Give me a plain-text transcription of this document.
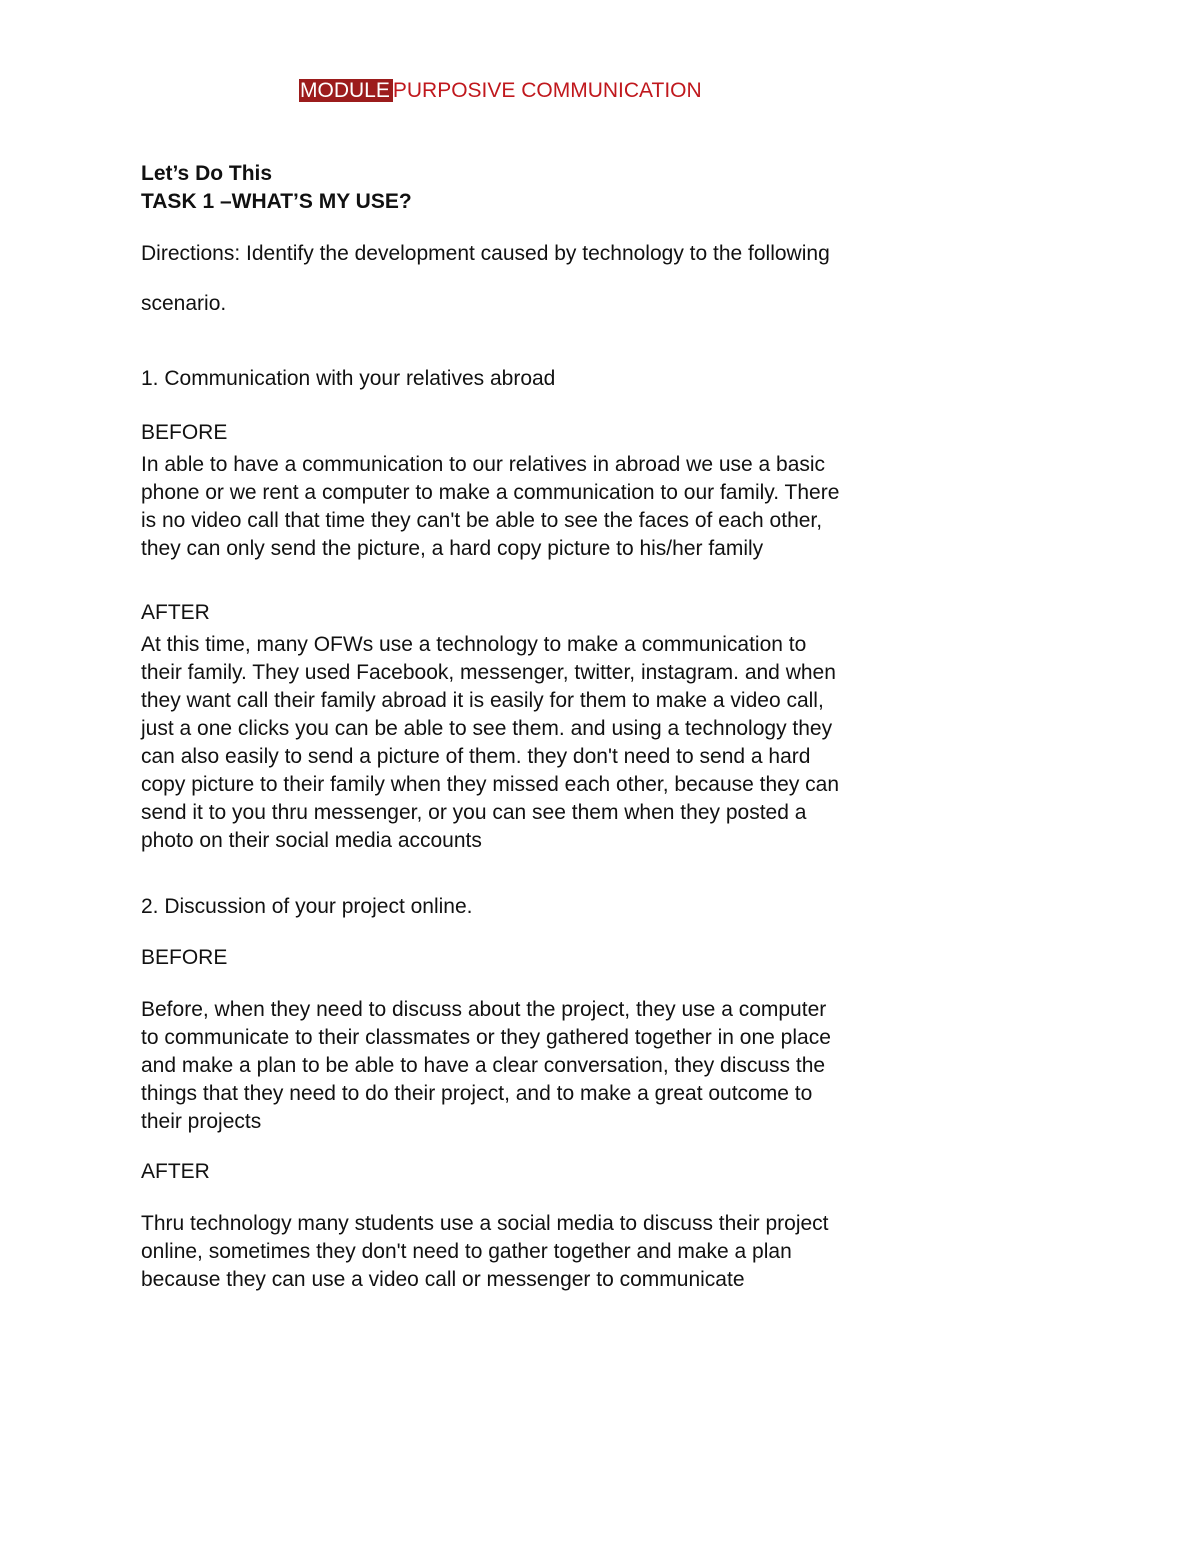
MODULE PURPOSIVE COMMUNICATION
Let’s Do This
TASK 1 –WHAT’S MY USE?
Directions: Identify the development caused by technology to the following
scenario.
1. Communication with your relatives abroad
BEFORE
In able to have a communication to our relatives in abroad we use a basic
phone or we rent a computer to make a communication to our family. There
is no video call that time they can't be able to see the faces of each other,
they can only send the picture, a hard copy picture to his/her family
AFTER
At this time, many OFWs use a technology to make a communication to
their family. They used Facebook, messenger, twitter, instagram. and when
they want call their family abroad it is easily for them to make a video call,
just a one clicks you can be able to see them. and using a technology they
can also easily to send a picture of them. they don't need to send a hard
copy picture to their family when they missed each other, because they can
send it to you thru messenger, or you can see them when they posted a
photo on their social media accounts
2. Discussion of your project online.
BEFORE
Before, when they need to discuss about the project, they use a computer
to communicate to their classmates or they gathered together in one place
and make a plan to be able to have a clear conversation, they discuss the
things that they need to do their project, and to make a great outcome to
their projects
AFTER
Thru technology many students use a social media to discuss their project
online, sometimes they don't need to gather together and make a plan
because they can use a video call or messenger to communicate
